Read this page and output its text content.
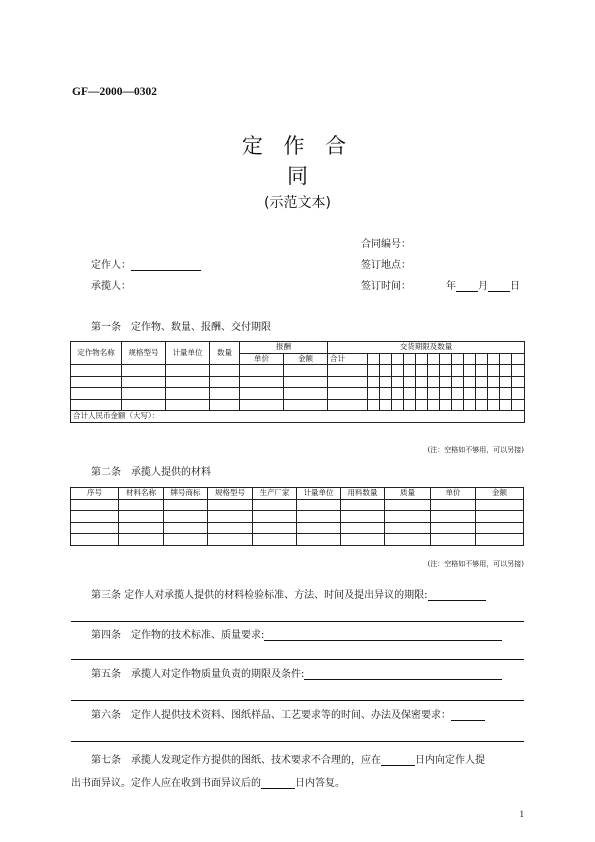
GF—2000—0302
定 作 合
同
(示范文本)
合同编号：
定作人：	签订地点：
承揽人：	签订时间：	年 月 日
第一条　定作物、数量、报酬、交付期限
定作物名称	规格型号	计量单位	数量	报酬		交货期限及数量													
				单价	金额	合计													

合计人民币金额（大写）：																			
(注：空格如不够用，可以另接)
第二条　承揽人提供的材料
序号	材料名称	牌号商标	规格型号	生产厂家	计量单位	用料数量	质量	单价	金额

(注：空格如不够用，可以另接)
第三条 定作人对承揽人提供的材料检验标准、方法、时间及提出异议的期限:
第四条　定作物的技术标准、质量要求:
第五条　承揽人对定作物质量负责的期限及条件:
第六条　定作人提供技术资料、图纸样品、工艺要求等的时间、办法及保密要求：
第七条　承揽人发现定作方提供的图纸、技术要求不合理的，应在	日内向定作人提
出书面异议。定作人应在收到书面异议后的	日内答复。
1
